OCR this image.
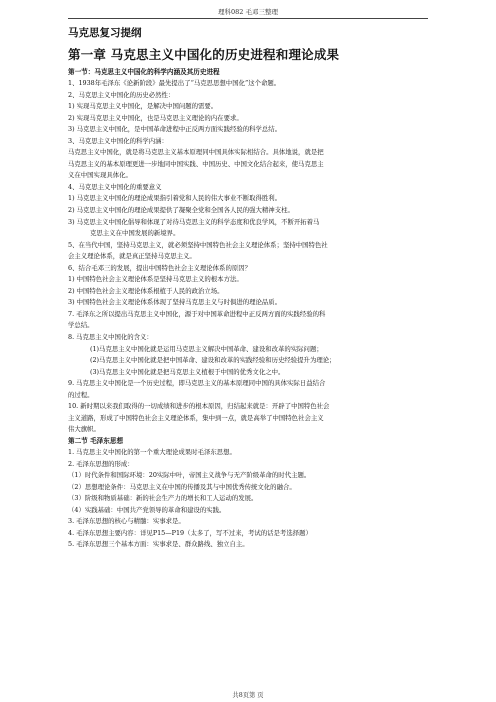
理科082 毛邓三整理
马克思复习提纲
第一章 马克思主义中国化的历史进程和理论成果
第一节：马克思主义中国化的科学内涵及其历史进程
1、1938年毛泽东《论新阶段》最先提出了“马克思思想中国化”这个命题。
2、马克思主义中国化的历史必然性：
1) 实现马克思主义中国化，是解决中国问题的需要。
2) 实现马克思主义中国化，也是马克思主义理论的内在要求。
3) 马克思主义中国化，是中国革命进程中正反两方面实践经验的科学总结。
3、马克思主义中国化的科学内涵：
马克思主义中国化，就是将马克思主义基本原理同中国具体实际相结合。具体地说，就是把
马克思主义的基本原理更进一步地同中国实践、中国历史、中国文化结合起来，使马克思主
义在中国实现具体化。
4、马克思主义中国化的重要意义
1) 马克思主义中国化的理论成果指引着党和人民的伟大事业不断取得胜利。
2) 马克思主义中国化的理论成果提供了凝聚全党和全国各人民的强大精神支柱。
3) 马克思主义中国化倡导和体现了对待马克思主义的科学态度和优良学风，不断开拓着马
克思主义在中国发展的新境界。
5、在当代中国，坚持马克思主义，就必须坚持中国特色社会主义理论体系；坚持中国特色社
会主义理论体系，就是真正坚持马克思主义。
6、结合毛邓三的发展，提出中国特色社会主义理论体系的原因？
1) 中国特色社会主义理论体系是坚持马克思主义的根本方法。
2) 中国特色社会主义理论体系根植于人民的政治立场。
3) 中国特色社会主义理论体系体现了坚持马克思主义与时俱进的理论品质。
7. 毛泽东之所以提出马克思主义中国化，源于对中国革命进程中正反两方面的实践经验的科
学总结。
8. 马克思主义中国化的含义：
(1)马克思主义中国化就是运用马克思主义解决中国革命、建设和改革的实际问题；
(2)马克思主义中国化就是把中国革命、建设和改革的实践经验和历史经验提升为理论；
(3)马克思主义中国化就是把马克思主义植根于中国的优秀文化之中。
9. 马克思主义中国化是一个历史过程，即马克思主义的基本原理同中国的具体实际日益结合
的过程。
10. 新时期以来我们取得的一切成绩和进步的根本原因，归结起来就是：开辟了中国特色社会
主义道路，形成了中国特色社会主义理论体系，集中到一点，就是高举了中国特色社会主义
伟大旗帜。
第二节 毛泽东思想
1. 马克思主义中国化的第一个重大理论成果时毛泽东思想。
2. 毛泽东思想的形成：
（1）时代条件和国际环境：20实际中叶，帝国主义战争与无产阶级革命的时代主题。
（2）思想理论条件：马克思主义在中国的传播及其与中国优秀传统文化的融合。
（3）阶级和物质基础：新的社会生产力的增长和工人运动的发展。
（4）实践基础：中国共产党领导的革命和建设的实践。
3. 毛泽东思想的核心与精髓：实事求是。
4. 毛泽东思想主要内容：详见P15—P19（太多了，写不过来，考试的话是考选择题）
5. 毛泽东思想三个基本方面：实事求是、群众路线、独立自主。
共8页第 页
